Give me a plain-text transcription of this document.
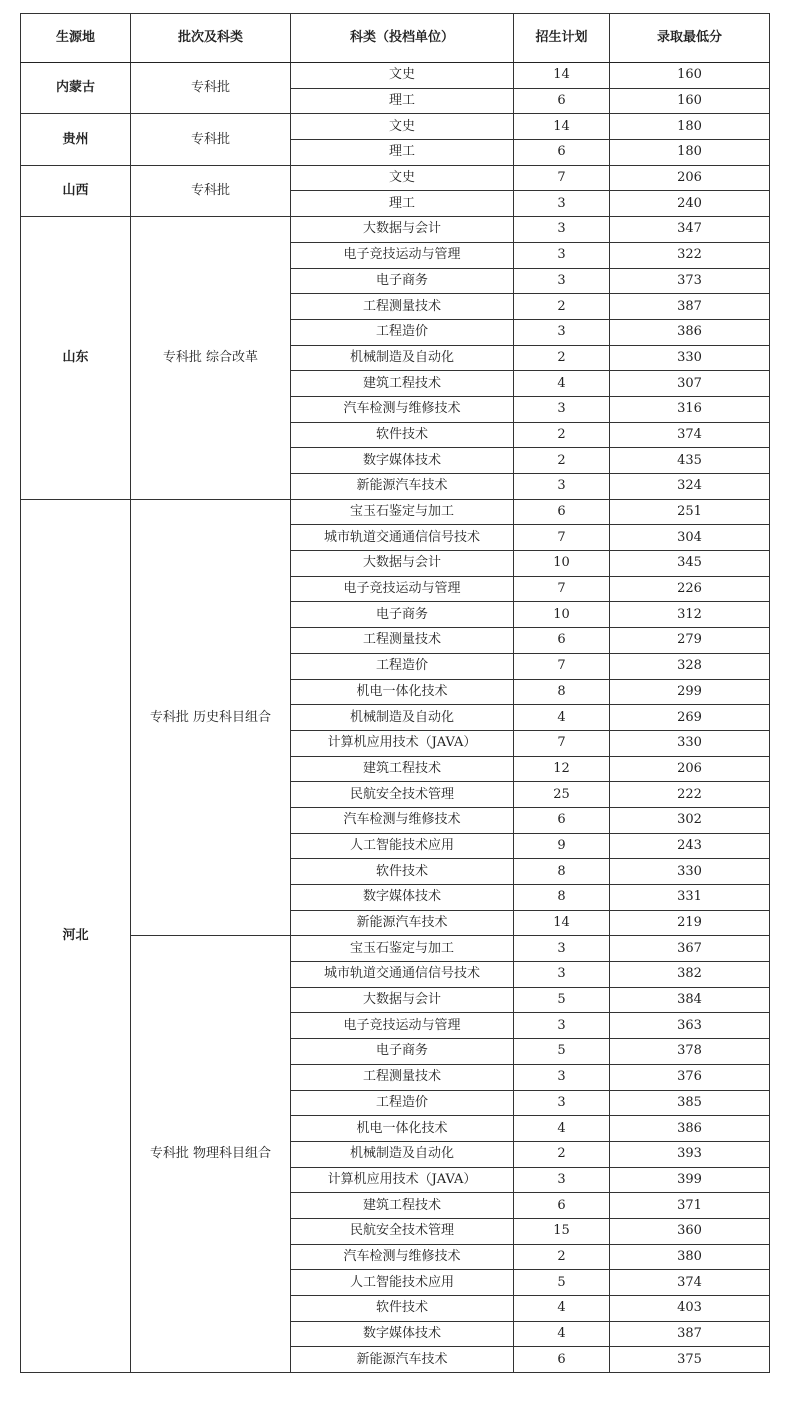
生源地	批次及科类	科类（投档单位）	招生计划	录取最低分
内蒙古	专科批	文史	14	160
		理工	6	160
贵州	专科批	文史	14	180
		理工	6	180
山西	专科批	文史	7	206
		理工	3	240
山东	专科批 综合改革	大数据与会计	3	347
		电子竞技运动与管理	3	322
		电子商务	3	373
		工程测量技术	2	387
		工程造价	3	386
		机械制造及自动化	2	330
		建筑工程技术	4	307
		汽车检测与维修技术	3	316
		软件技术	2	374
		数字媒体技术	2	435
		新能源汽车技术	3	324
河北	专科批 历史科目组合	宝玉石鉴定与加工	6	251
		城市轨道交通通信信号技术	7	304
		大数据与会计	10	345
		电子竞技运动与管理	7	226
		电子商务	10	312
		工程测量技术	6	279
		工程造价	7	328
		机电一体化技术	8	299
		机械制造及自动化	4	269
		计算机应用技术（JAVA）	7	330
		建筑工程技术	12	206
		民航安全技术管理	25	222
		汽车检测与维修技术	6	302
		人工智能技术应用	9	243
		软件技术	8	330
		数字媒体技术	8	331
		新能源汽车技术	14	219
	专科批 物理科目组合	宝玉石鉴定与加工	3	367
		城市轨道交通通信信号技术	3	382
		大数据与会计	5	384
		电子竞技运动与管理	3	363
		电子商务	5	378
		工程测量技术	3	376
		工程造价	3	385
		机电一体化技术	4	386
		机械制造及自动化	2	393
		计算机应用技术（JAVA）	3	399
		建筑工程技术	6	371
		民航安全技术管理	15	360
		汽车检测与维修技术	2	380
		人工智能技术应用	5	374
		软件技术	4	403
		数字媒体技术	4	387
		新能源汽车技术	6	375
